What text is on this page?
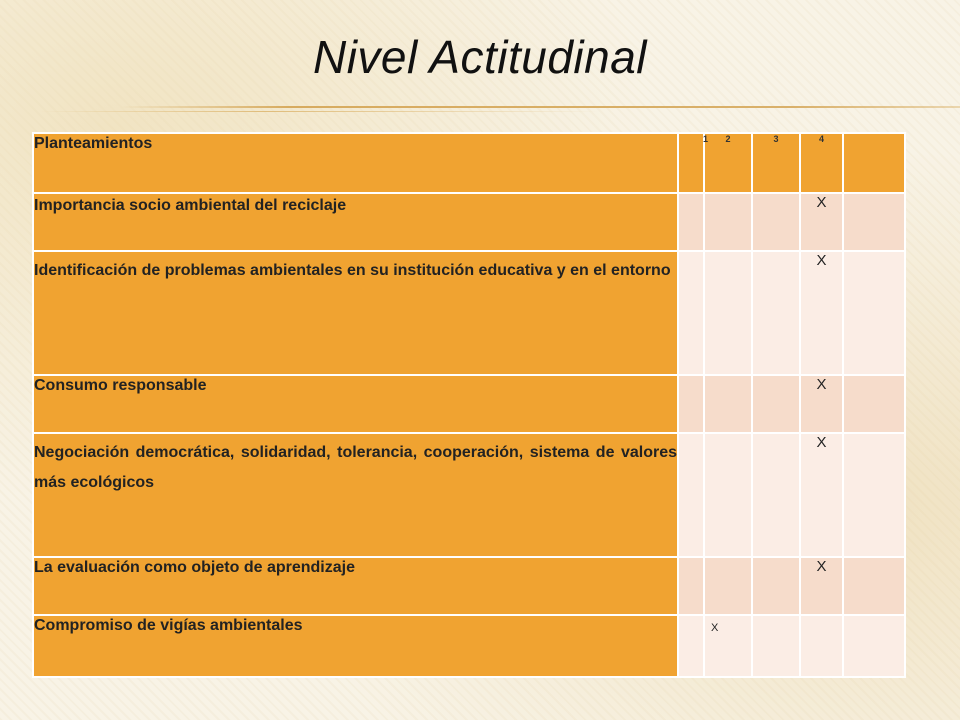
Nivel Actitudinal
Planteamientos	1	2	3	4	
Importancia socio ambiental del reciclaje				X	
Identificación de problemas ambientales en su institución educativa y en el entorno				X	
Consumo responsable				X	
Negociación democrática, solidaridad, tolerancia, cooperación, sistema de valores más ecológicos				X	
La evaluación como objeto de aprendizaje				X	
Compromiso de vigías ambientales		X			
